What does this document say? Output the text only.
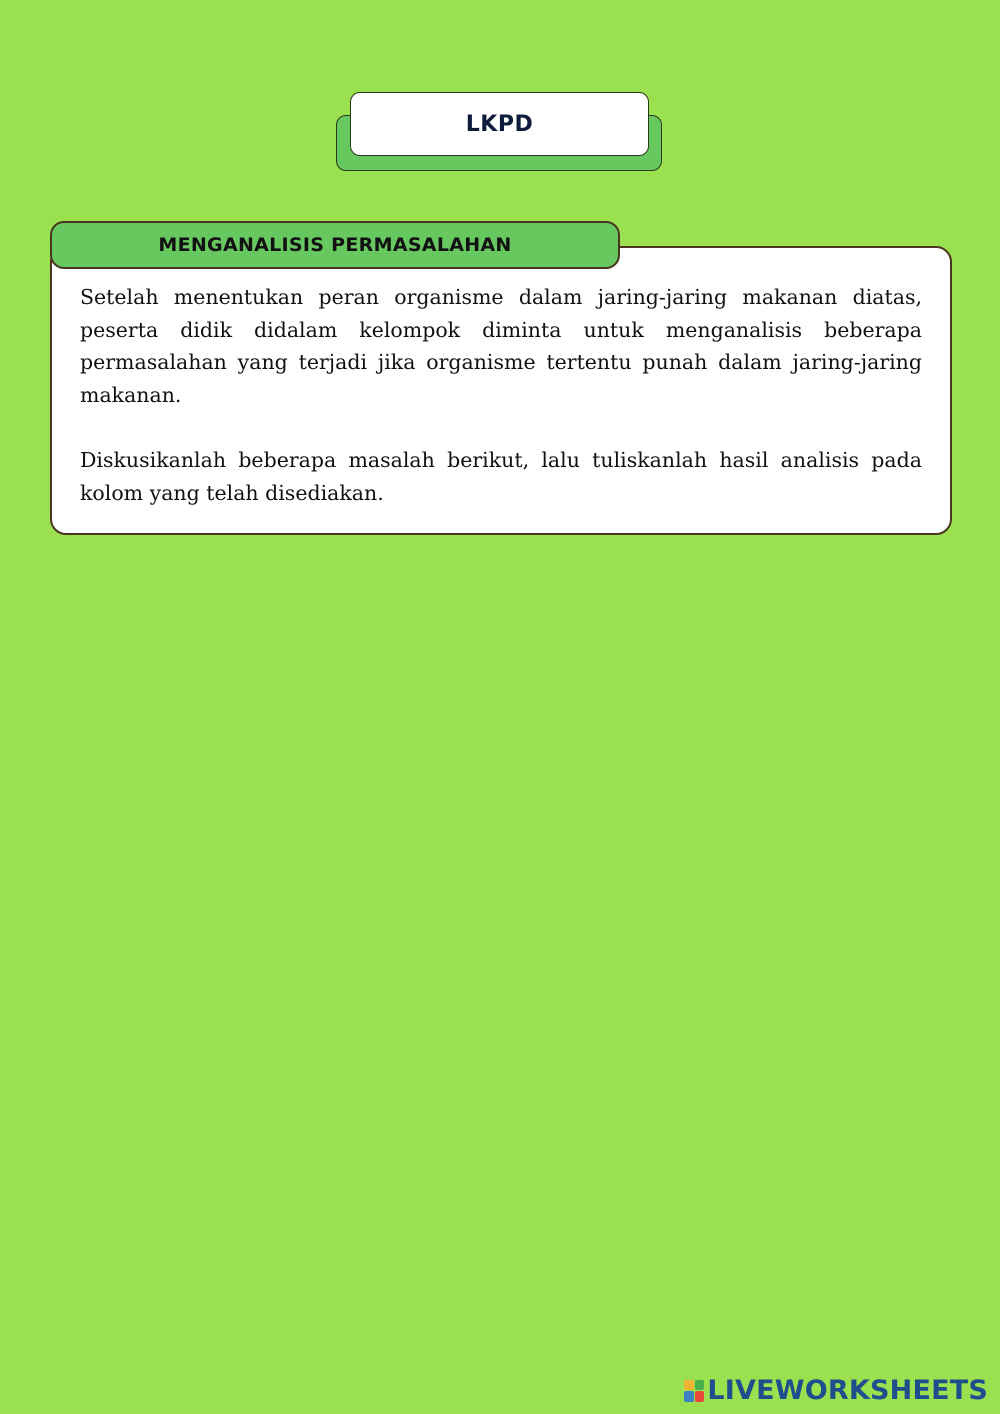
LKPD
MENGANALISIS PERMASALAHAN

Setelah menentukan peran organisme dalam jaring-jaring makanan diatas, peserta didik didalam kelompok diminta untuk menganalisis beberapa permasalahan yang terjadi jika organisme tertentu punah dalam jaring-jaring makanan.

Diskusikanlah beberapa masalah berikut, lalu tuliskanlah hasil analisis pada kolom yang telah disediakan.

LIVEWORKSHEETS
